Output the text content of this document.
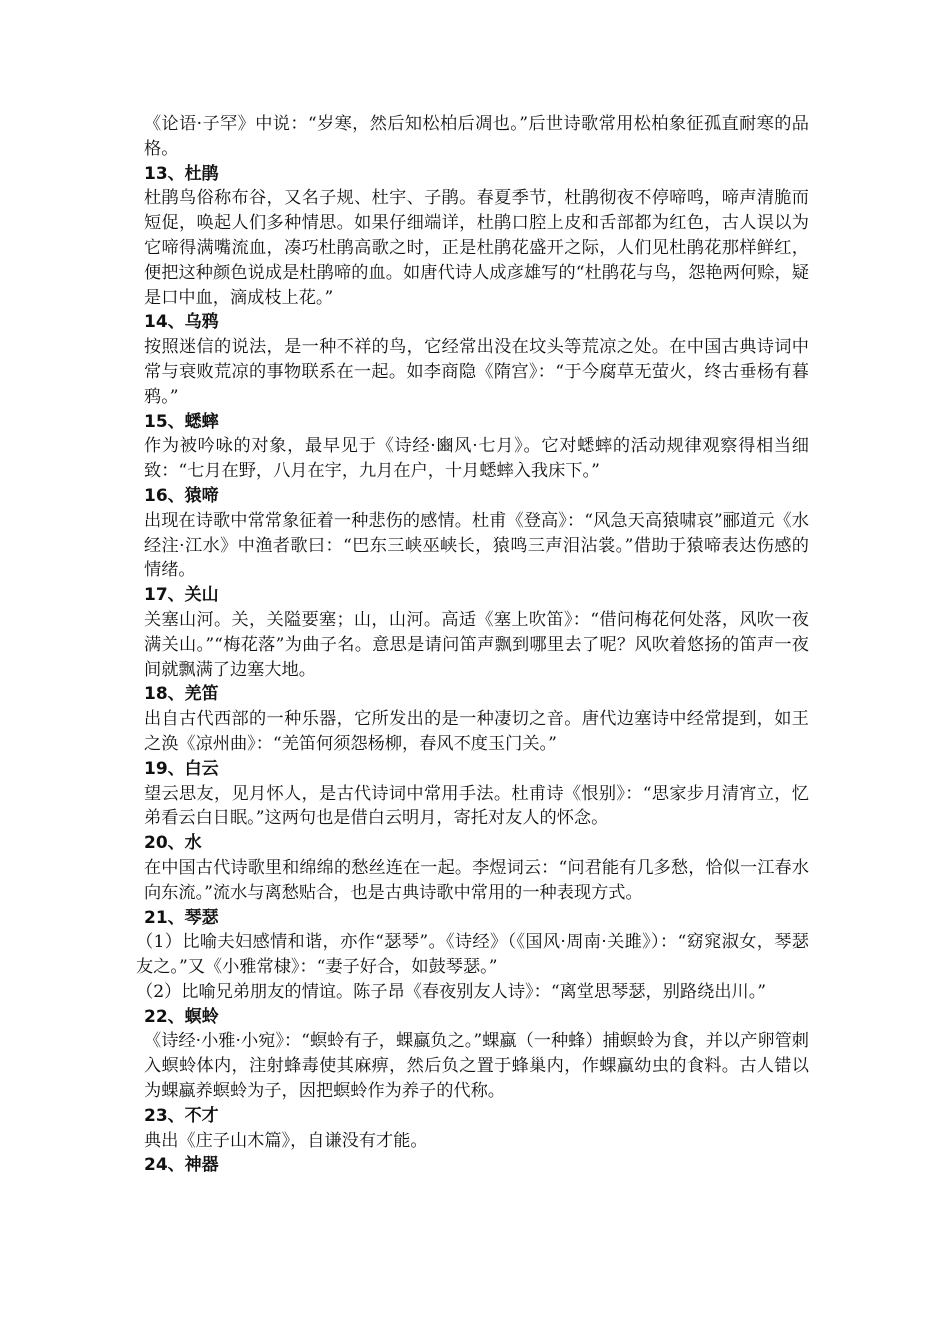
《论语·子罕》中说：“岁寒，然后知松柏后凋也。”后世诗歌常用松柏象征孤直耐寒的品格。

13、杜鹃

杜鹃鸟俗称布谷，又名子规、杜宇、子鹃。春夏季节，杜鹃彻夜不停啼鸣，啼声清脆而短促，唤起人们多种情思。如果仔细端详，杜鹃口腔上皮和舌部都为红色，古人误以为它啼得满嘴流血，凑巧杜鹃高歌之时，正是杜鹃花盛开之际，人们见杜鹃花那样鲜红，便把这种颜色说成是杜鹃啼的血。如唐代诗人成彦雄写的“杜鹃花与鸟，怨艳两何赊，疑是口中血，滴成枝上花。”

14、乌鸦

按照迷信的说法，是一种不祥的鸟，它经常出没在坟头等荒凉之处。在中国古典诗词中常与衰败荒凉的事物联系在一起。如李商隐《隋宫》：“于今腐草无萤火，终古垂杨有暮鸦。”

15、蟋蟀

作为被吟咏的对象，最早见于《诗经·豳风·七月》。它对蟋蟀的活动规律观察得相当细致：“七月在野，八月在宇，九月在户，十月蟋蟀入我床下。”

16、猿啼

出现在诗歌中常常象征着一种悲伤的感情。杜甫《登高》：“风急天高猿啸哀”郦道元《水经注·江水》中渔者歌曰：“巴东三峡巫峡长，猿鸣三声泪沾裳。”借助于猿啼表达伤感的情绪。

17、关山

关塞山河。关，关隘要塞；山，山河。高适《塞上吹笛》：“借问梅花何处落，风吹一夜满关山。”“梅花落”为曲子名。意思是请问笛声飘到哪里去了呢？风吹着悠扬的笛声一夜间就飘满了边塞大地。

18、羌笛

出自古代西部的一种乐器，它所发出的是一种凄切之音。唐代边塞诗中经常提到，如王之涣《凉州曲》：“羌笛何须怨杨柳，春风不度玉门关。”

19、白云

望云思友，见月怀人，是古代诗词中常用手法。杜甫诗《恨别》：“思家步月清宵立，忆弟看云白日眠。”这两句也是借白云明月，寄托对友人的怀念。

20、水

在中国古代诗歌里和绵绵的愁丝连在一起。李煜词云：“问君能有几多愁，恰似一江春水向东流。”流水与离愁贴合，也是古典诗歌中常用的一种表现方式。

21、琴瑟

（1）比喻夫妇感情和谐，亦作“瑟琴”。《诗经》（《国风·周南·关雎》）：“窈窕淑女，琴瑟友之。”又《小雅常棣》：“妻子好合，如鼓琴瑟。”

（2）比喻兄弟朋友的情谊。陈子昂《春夜别友人诗》：“离堂思琴瑟，别路绕出川。”

22、螟蛉

《诗经·小雅·小宛》：“螟蛉有子，蜾蠃负之。”蜾蠃（一种蜂）捕螟蛉为食，并以产卵管刺入螟蛉体内，注射蜂毒使其麻痹，然后负之置于蜂巢内，作蜾蠃幼虫的食料。古人错以为蜾蠃养螟蛉为子，因把螟蛉作为养子的代称。

23、不才

典出《庄子山木篇》，自谦没有才能。

24、神器
